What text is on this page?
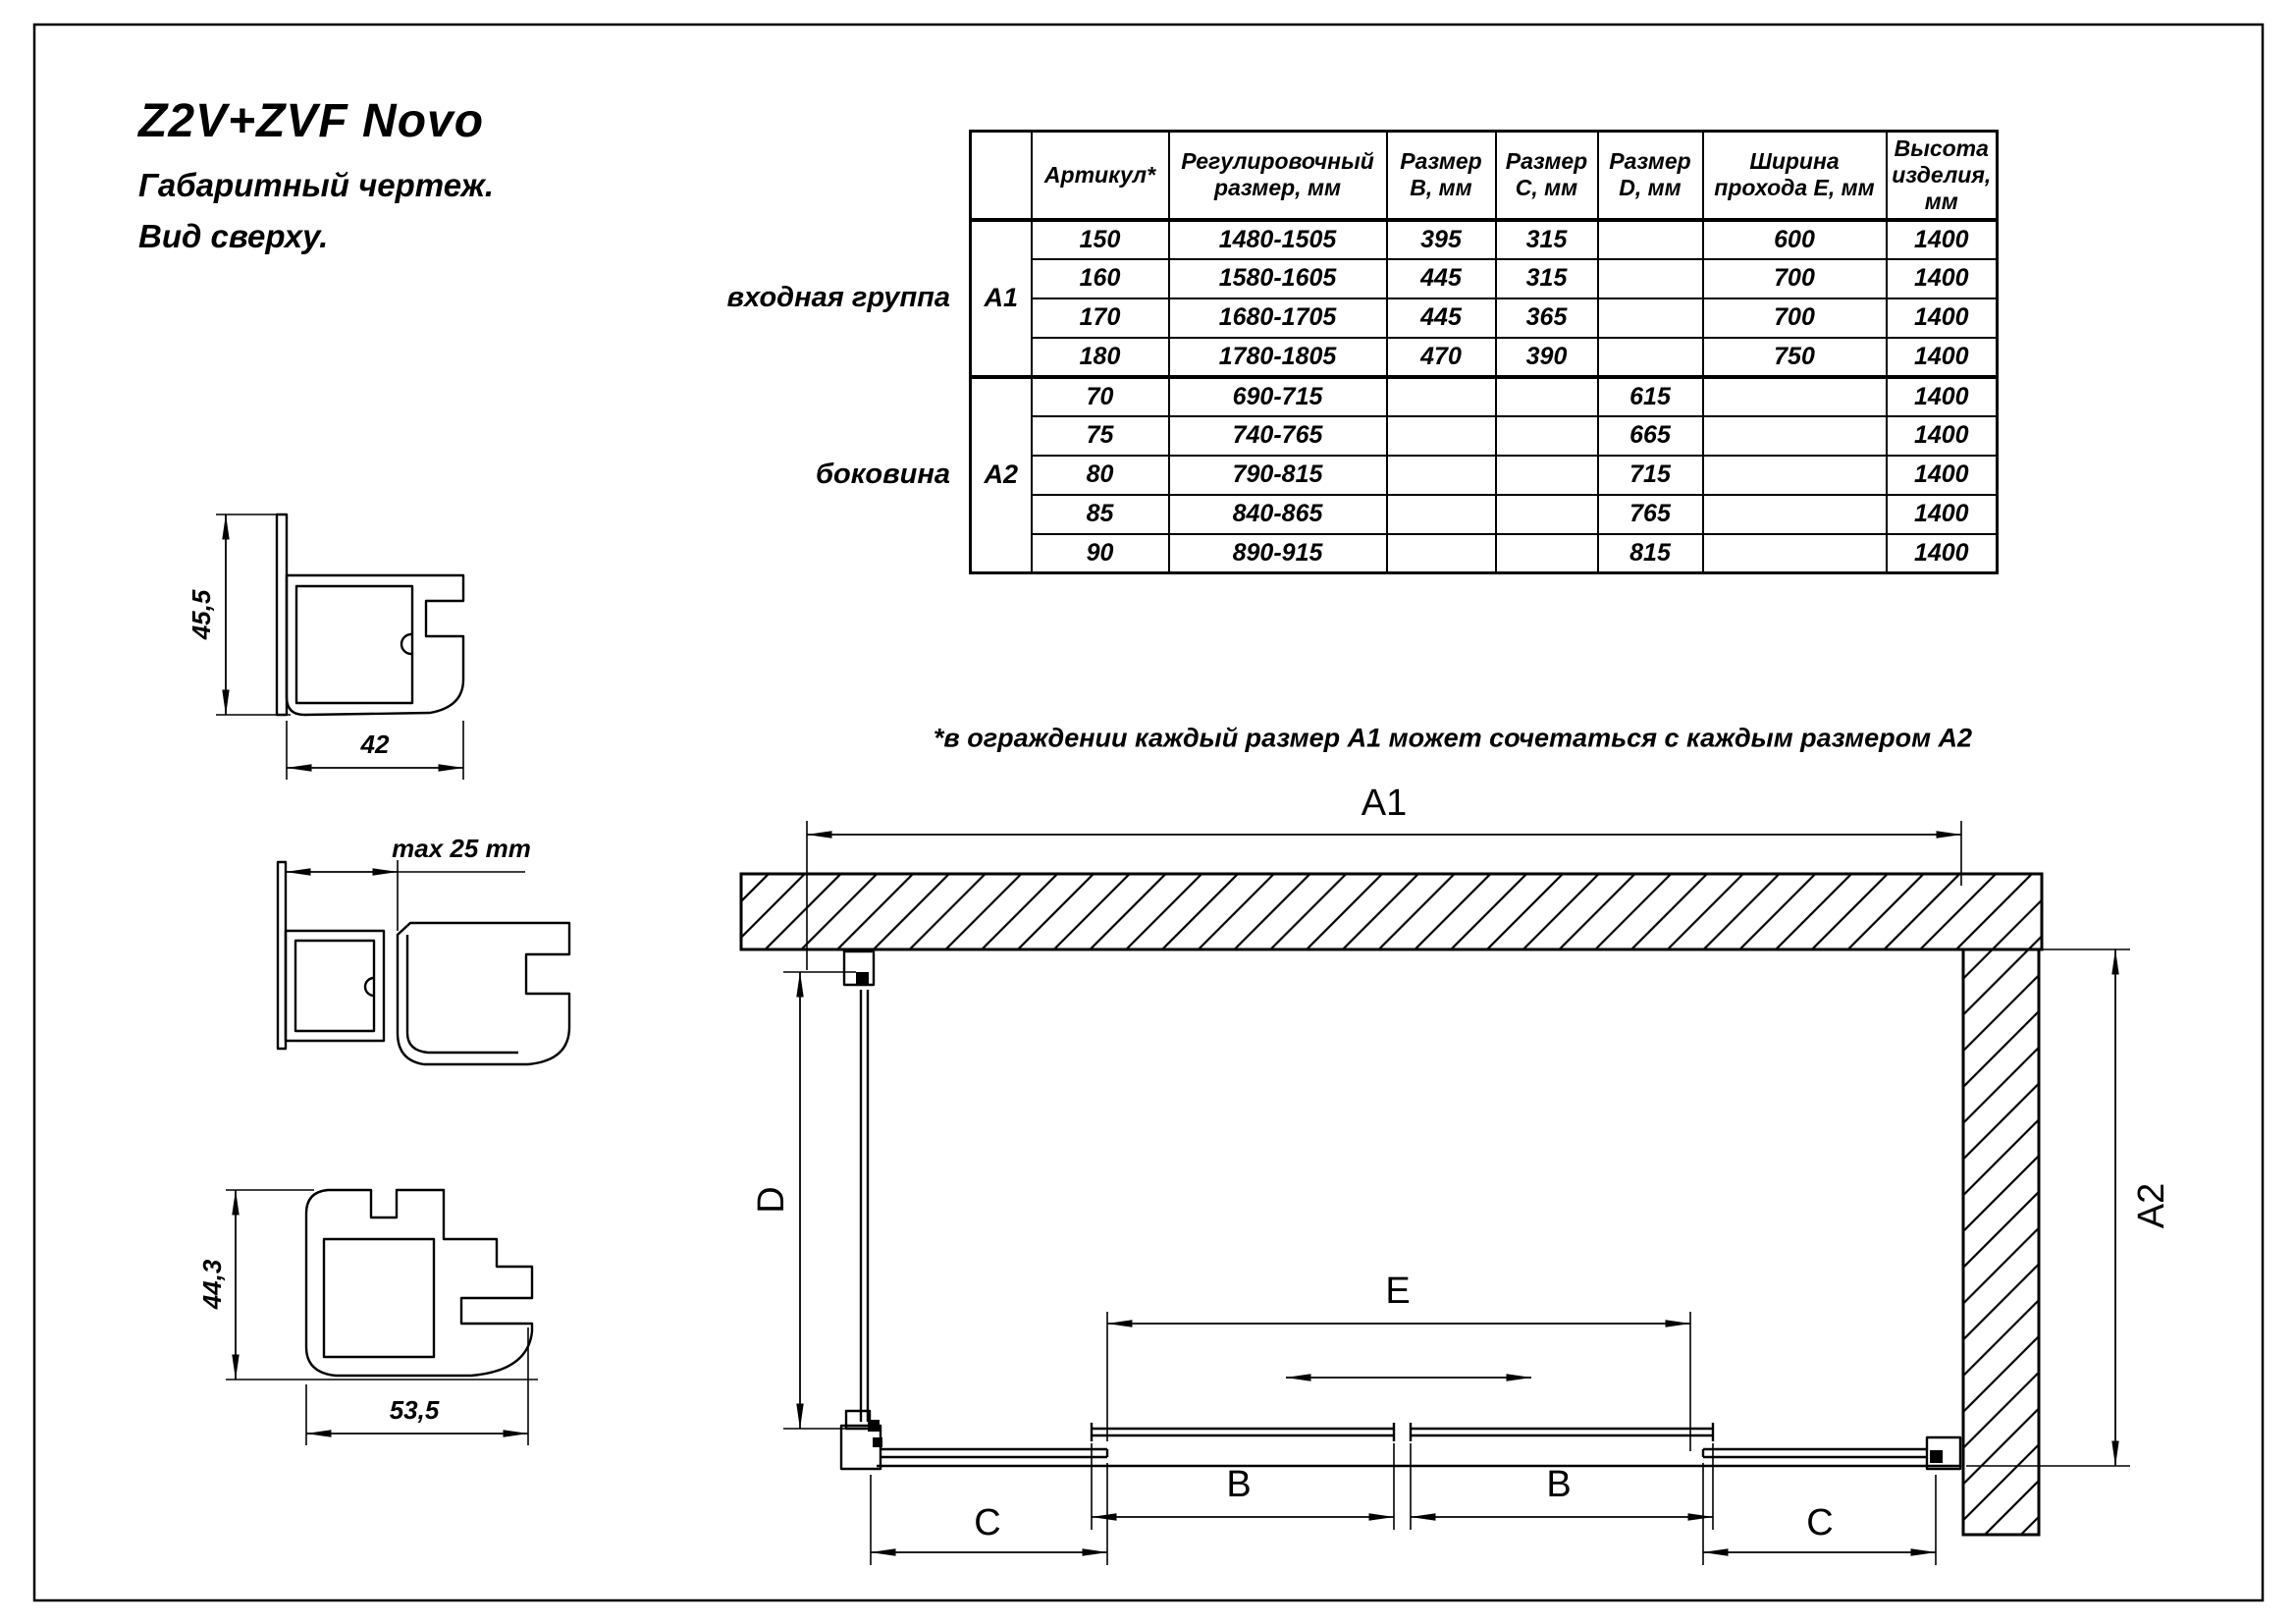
Z2V+ZVF Novo
Габаритный чертеж.
Вид сверху.
входная группа
боковина
	Артикул*	Регулировочный размер, мм	Размер B, мм	Размер C, мм	Размер D, мм	Ширина прохода Е, мм	Высота изделия, мм
А1	150	1480-1505	395	315		600	1400
	160	1580-1605	445	315		700	1400
	170	1680-1705	445	365		700	1400
	180	1780-1805	470	390		750	1400
А2	70	690-715			615		1400
	75	740-765			665		1400
	80	790-815			715		1400
	85	840-865			765		1400
	90	890-915			815		1400
*в ограждении каждый размер А1 может сочетаться с каждым размером А2
A1
A2
D
E
B	B
C	C
45,5
42
max 25 mm
44,3
53,5
